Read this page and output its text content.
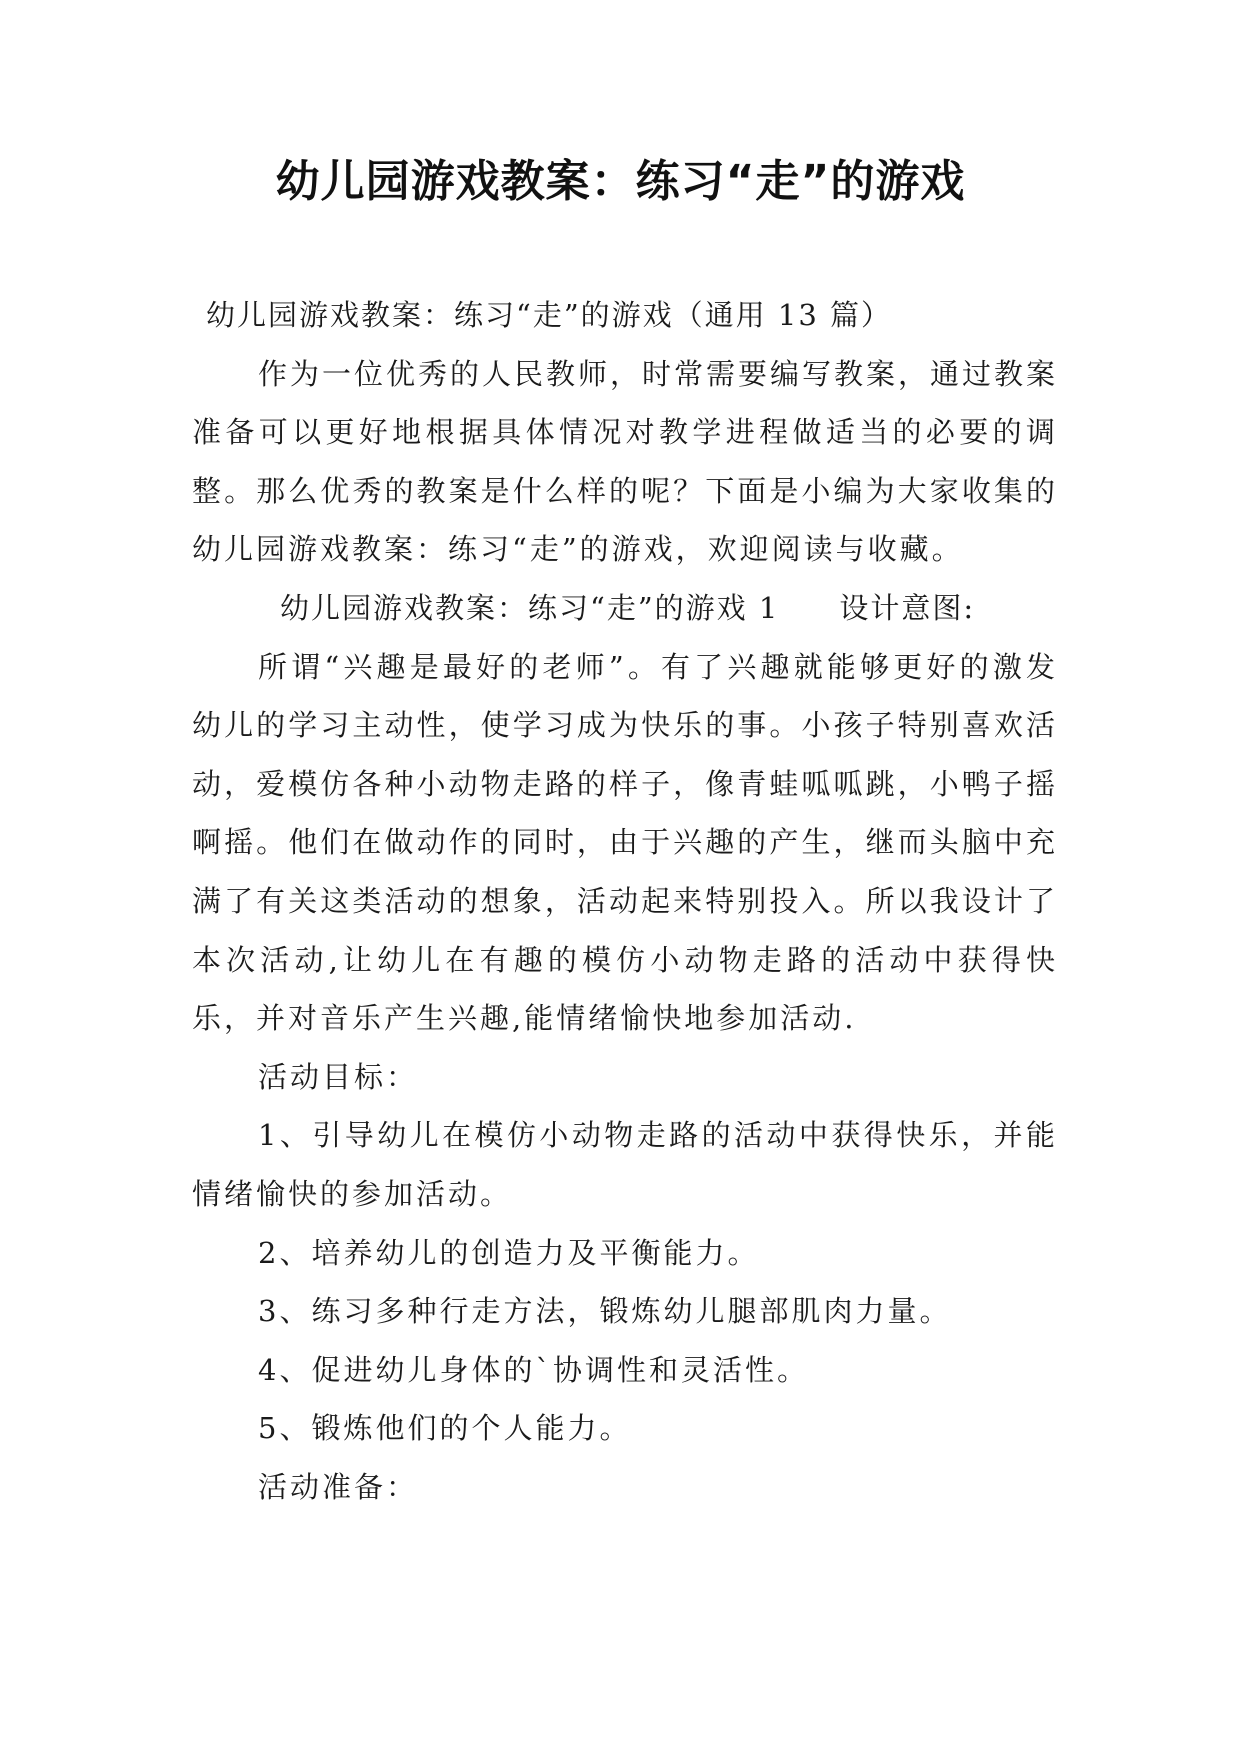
幼儿园游戏教案：练习“走”的游戏

幼儿园游戏教案：练习“走”的游戏（通用 13 篇）

作为一位优秀的人民教师，时常需要编写教案，通过教案准备可以更好地根据具体情况对教学进程做适当的必要的调整。那么优秀的教案是什么样的呢？下面是小编为大家收集的幼儿园游戏教案：练习“走”的游戏，欢迎阅读与收藏。

幼儿园游戏教案：练习“走”的游戏 1 设计意图:

所谓“兴趣是最好的老师”。有了兴趣就能够更好的激发幼儿的学习主动性，使学习成为快乐的事。小孩子特别喜欢活动，爱模仿各种小动物走路的样子，像青蛙呱呱跳，小鸭子摇啊摇。他们在做动作的同时，由于兴趣的产生，继而头脑中充满了有关这类活动的想象，活动起来特别投入。所以我设计了本次活动,让幼儿在有趣的模仿小动物走路的活动中获得快乐，并对音乐产生兴趣,能情绪愉快地参加活动.

活动目标：

1、引导幼儿在模仿小动物走路的活动中获得快乐，并能情绪愉快的参加活动。

2、培养幼儿的创造力及平衡能力。

3、练习多种行走方法，锻炼幼儿腿部肌肉力量。

4、促进幼儿身体的`协调性和灵活性。

5、锻炼他们的个人能力。

活动准备：
